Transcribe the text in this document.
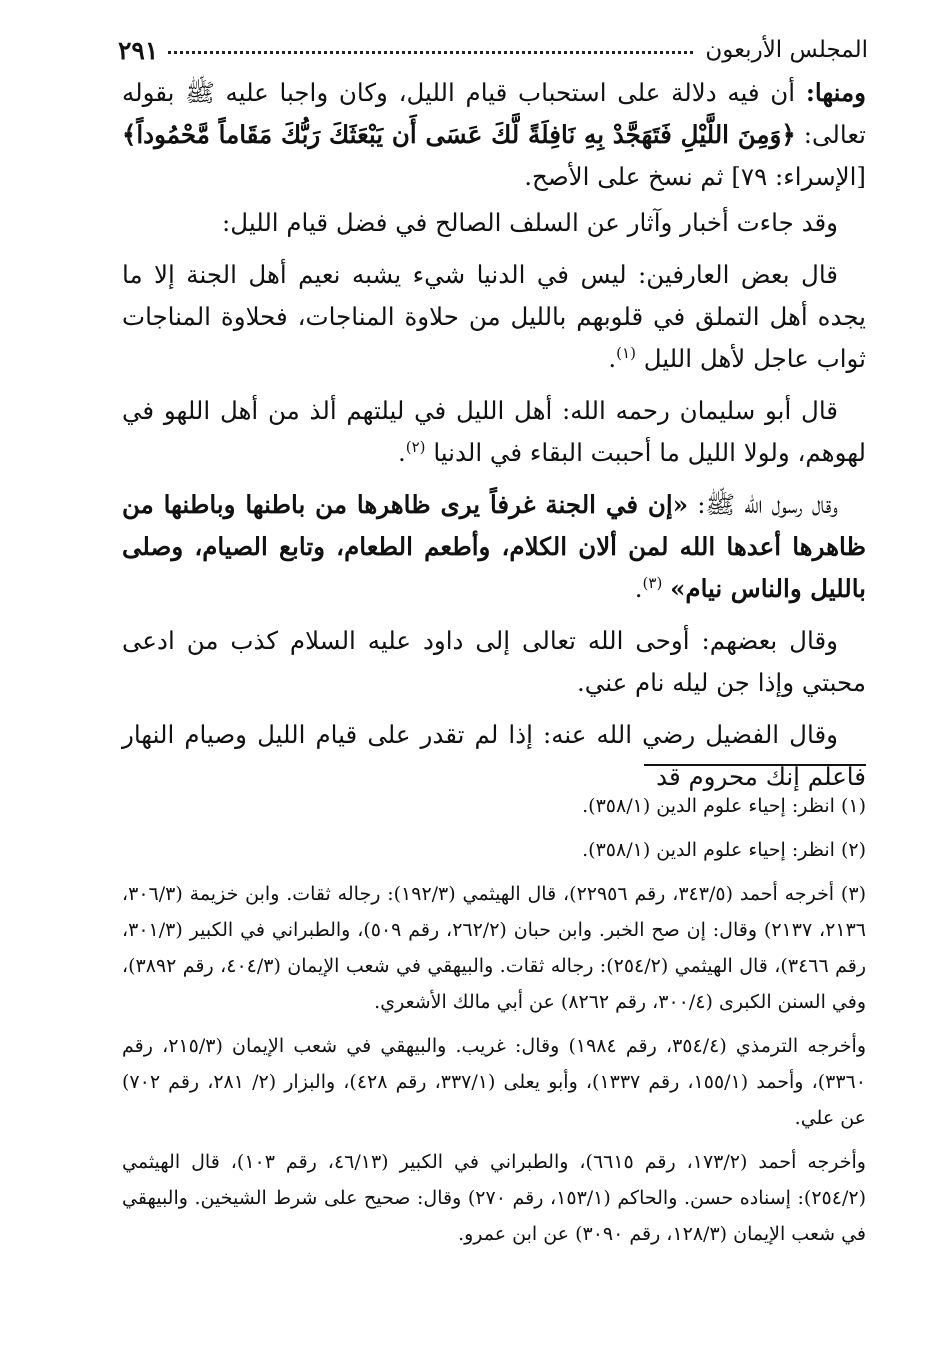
المجلس الأربعون
٢٩١

ومنها: أن فيه دلالة على استحباب قيام الليل، وكان واجبا عليه ﷺ بقوله تعالى: ﴿وَمِنَ اللَّيْلِ فَتَهَجَّدْ بِهِ نَافِلَةً لَّكَ عَسَى أَن يَبْعَثَكَ رَبُّكَ مَقَاماً مَّحْمُوداً﴾[الإسراء: ٧٩] ثم نسخ على الأصح.

وقد جاءت أخبار وآثار عن السلف الصالح في فضل قيام الليل:

قال بعض العارفين: ليس في الدنيا شيء يشبه نعيم أهل الجنة إلا ما يجده أهل التملق في قلوبهم بالليل من حلاوة المناجات، فحلاوة المناجات ثواب عاجل لأهل الليل $^{(١)}$.

قال أبو سليمان رحمه الله: أهل الليل في ليلتهم ألذ من أهل اللهو في لهوهم، ولولا الليل ما أحببت البقاء في الدنيا $^{(٢)}$.

وقال رسول الله ﷺ: «إن في الجنة غرفاً يرى ظاهرها من باطنها وباطنها من ظاهرها أعدها الله لمن ألان الكلام، وأطعم الطعام، وتابع الصيام، وصلى بالليل والناس نيام» $^{(٣)}$.

وقال بعضهم: أوحى الله تعالى إلى داود عليه السلام كذب من ادعى محبتي وإذا جن ليله نام عني.

وقال الفضيل رضي الله عنه: إذا لم تقدر على قيام الليل وصيام النهار فاعلم إنك محروم قد

(١) انظر: إحياء علوم الدين (٣٥٨/١).

(٢) انظر: إحياء علوم الدين (٣٥٨/١).

(٣) أخرجه أحمد (٣٤٣/٥، رقم ٢٢٩٥٦)، قال الهيثمي (١٩٢/٣): رجاله ثقات. وابن خزيمة (٣٠٦/٣، ٢١٣٦، ٢١٣٧) وقال: إن صح الخبر. وابن حبان (٢٦٢/٢، رقم ٥٠٩)، والطبراني في الكبير (٣٠١/٣، رقم ٣٤٦٦)، قال الهيثمي (٢٥٤/٢): رجاله ثقات. والبيهقي في شعب الإيمان (٤٠٤/٣، رقم ٣٨٩٢)، وفي السنن الكبرى (٣٠٠/٤، رقم ٨٢٦٢) عن أبي مالك الأشعري.

وأخرجه الترمذي (٣٥٤/٤، رقم ١٩٨٤) وقال: غريب. والبيهقي في شعب الإيمان (٢١٥/٣، رقم ٣٣٦٠)، وأحمد (١٥٥/١، رقم ١٣٣٧)، وأبو يعلى (٣٣٧/١، رقم ٤٢٨)، والبزار (٢/ ٢٨١، رقم ٧٠٢) عن علي.

وأخرجه أحمد (١٧٣/٢، رقم ٦٦١٥)، والطبراني في الكبير (٤٦/١٣، رقم ١٠٣)، قال الهيثمي (٢٥٤/٢): إسناده حسن. والحاكم (١٥٣/١، رقم ٢٧٠) وقال: صحيح على شرط الشيخين. والبيهقي في شعب الإيمان (١٢٨/٣، رقم ٣٠٩٠) عن ابن عمرو.
